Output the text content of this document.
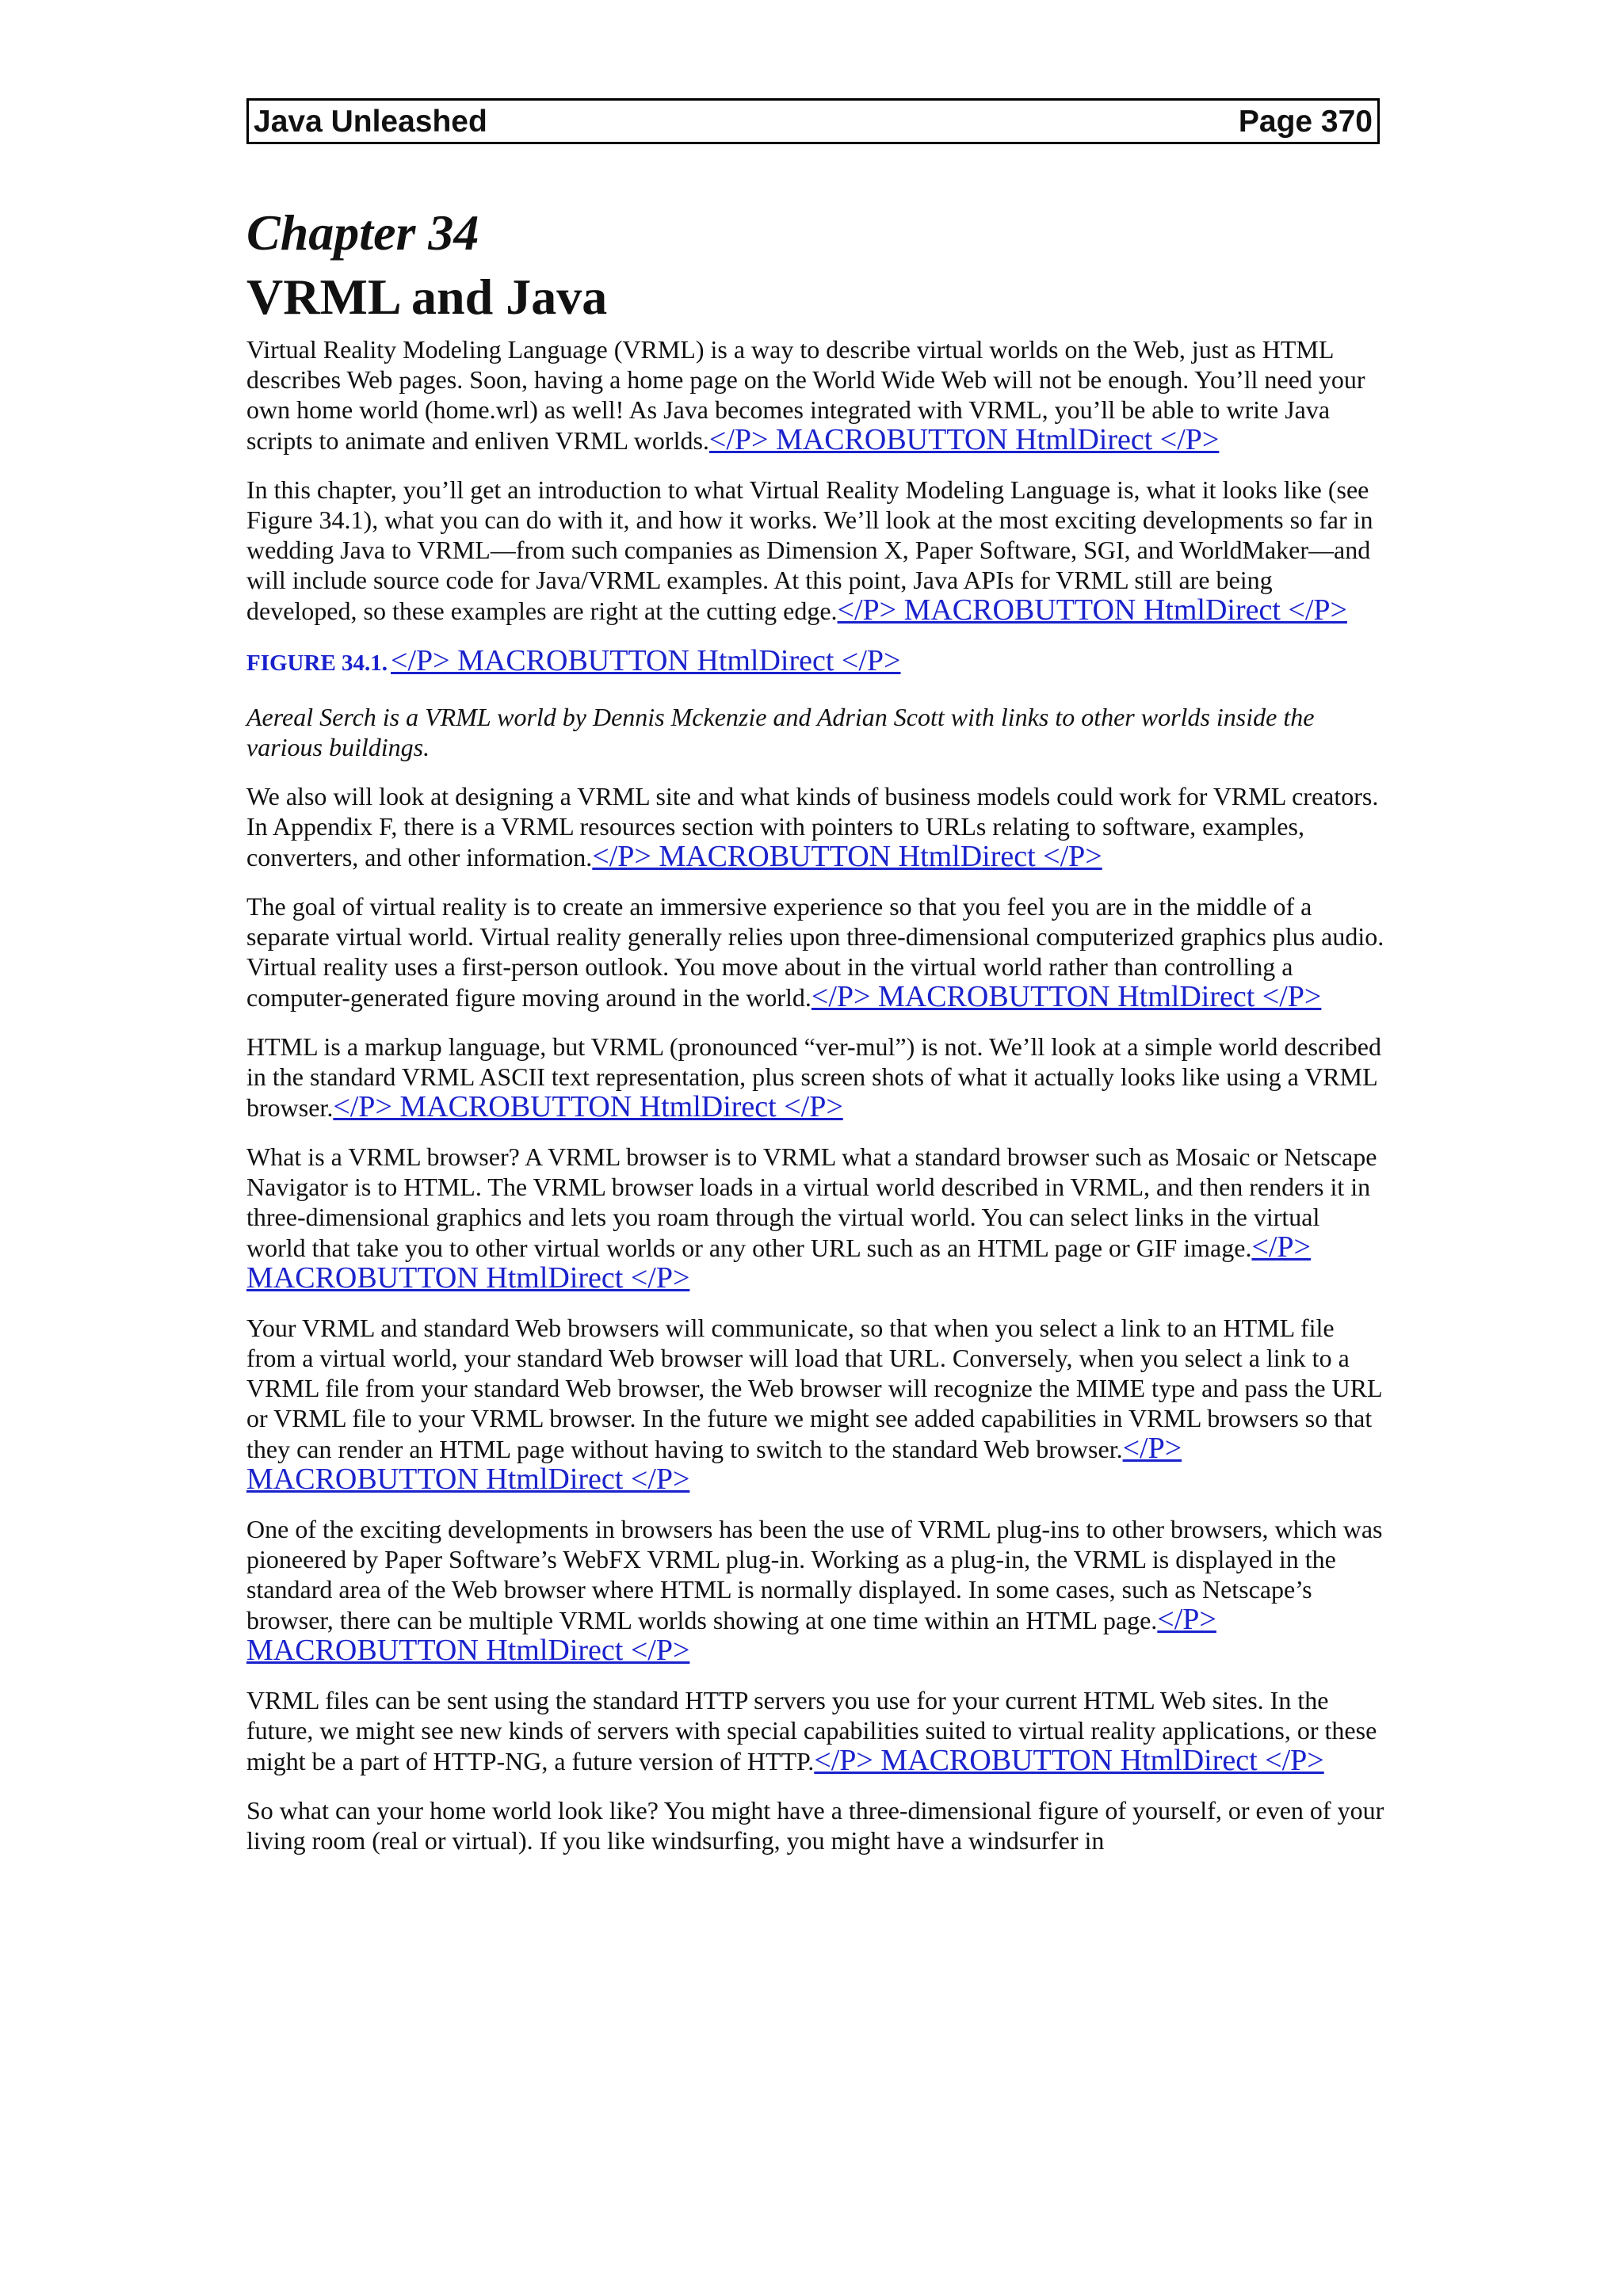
Java Unleashed	Page 370
Chapter 34
VRML and Java

Virtual Reality Modeling Language (VRML) is a way to describe virtual worlds on the Web, just as HTML describes Web pages. Soon, having a home page on the World Wide Web will not be enough. You’ll need your own home world (home.wrl) as well! As Java becomes integrated with VRML, you’ll be able to write Java scripts to animate and enliven VRML worlds.</P> MACROBUTTON HtmlDirect </P>

In this chapter, you’ll get an introduction to what Virtual Reality Modeling Language is, what it looks like (see Figure 34.1), what you can do with it, and how it works. We’ll look at the most exciting developments so far in wedding Java to VRML—from such companies as Dimension X, Paper Software, SGI, and WorldMaker—and will include source code for Java/VRML examples. At this point, Java APIs for VRML still are being developed, so these examples are right at the cutting edge.</P> MACROBUTTON HtmlDirect </P>

FIGURE 34.1. </P> MACROBUTTON HtmlDirect </P>

Aereal Serch is a VRML world by Dennis Mckenzie and Adrian Scott with links to other worlds inside the various buildings.

We also will look at designing a VRML site and what kinds of business models could work for VRML creators. In Appendix F, there is a VRML resources section with pointers to URLs relating to software, examples, converters, and other information.</P> MACROBUTTON HtmlDirect </P>

The goal of virtual reality is to create an immersive experience so that you feel you are in the middle of a separate virtual world. Virtual reality generally relies upon three-dimensional computerized graphics plus audio. Virtual reality uses a first-person outlook. You move about in the virtual world rather than controlling a computer-generated figure moving around in the world.</P> MACROBUTTON HtmlDirect </P>

HTML is a markup language, but VRML (pronounced “ver-mul”) is not. We’ll look at a simple world described in the standard VRML ASCII text representation, plus screen shots of what it actually looks like using a VRML browser.</P> MACROBUTTON HtmlDirect </P>

What is a VRML browser? A VRML browser is to VRML what a standard browser such as Mosaic or Netscape Navigator is to HTML. The VRML browser loads in a virtual world described in VRML, and then renders it in three-dimensional graphics and lets you roam through the virtual world. You can select links in the virtual world that take you to other virtual worlds or any other URL such as an HTML page or GIF image.</P> MACROBUTTON HtmlDirect </P>

Your VRML and standard Web browsers will communicate, so that when you select a link to an HTML file from a virtual world, your standard Web browser will load that URL. Conversely, when you select a link to a VRML file from your standard Web browser, the Web browser will recognize the MIME type and pass the URL or VRML file to your VRML browser. In the future we might see added capabilities in VRML browsers so that they can render an HTML page without having to switch to the standard Web browser.</P> MACROBUTTON HtmlDirect </P>

One of the exciting developments in browsers has been the use of VRML plug-ins to other browsers, which was pioneered by Paper Software’s WebFX VRML plug-in. Working as a plug-in, the VRML is displayed in the standard area of the Web browser where HTML is normally displayed. In some cases, such as Netscape’s browser, there can be multiple VRML worlds showing at one time within an HTML page.</P> MACROBUTTON HtmlDirect </P>

VRML files can be sent using the standard HTTP servers you use for your current HTML Web sites. In the future, we might see new kinds of servers with special capabilities suited to virtual reality applications, or these might be a part of HTTP-NG, a future version of HTTP.</P> MACROBUTTON HtmlDirect </P>

So what can your home world look like? You might have a three-dimensional figure of yourself, or even of your living room (real or virtual). If you like windsurfing, you might have a windsurfer in
